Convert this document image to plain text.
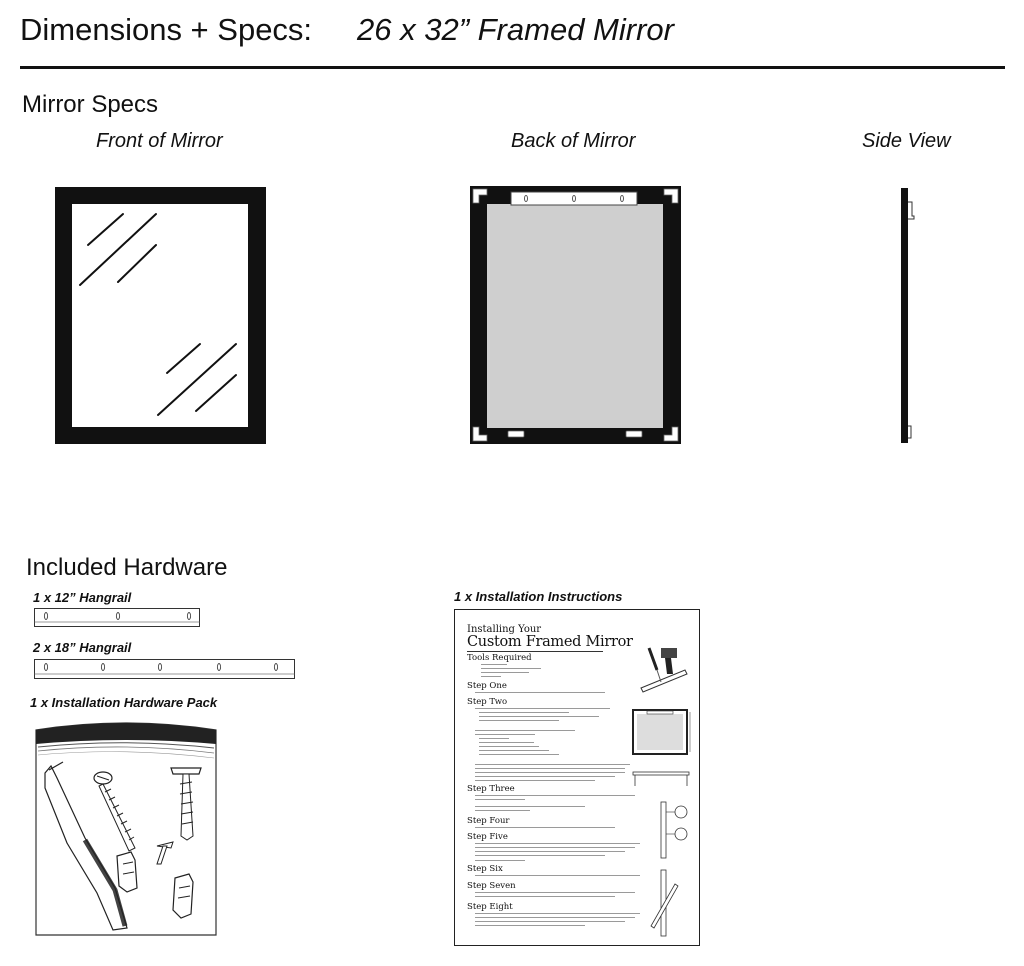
Dimensions + Specs: 26 x 32” Framed Mirror
Mirror Specs
Front of Mirror	Back of Mirror	Side View
Included Hardware
1 x 12” Hangrail
2 x 18” Hangrail
1 x Installation Hardware Pack
1 x Installation Instructions
Installing Your
Custom Framed Mirror
Tools Required
Step One
Step Two
Step Three
Step Four
Step Five
Step Six
Step Seven
Step Eight
